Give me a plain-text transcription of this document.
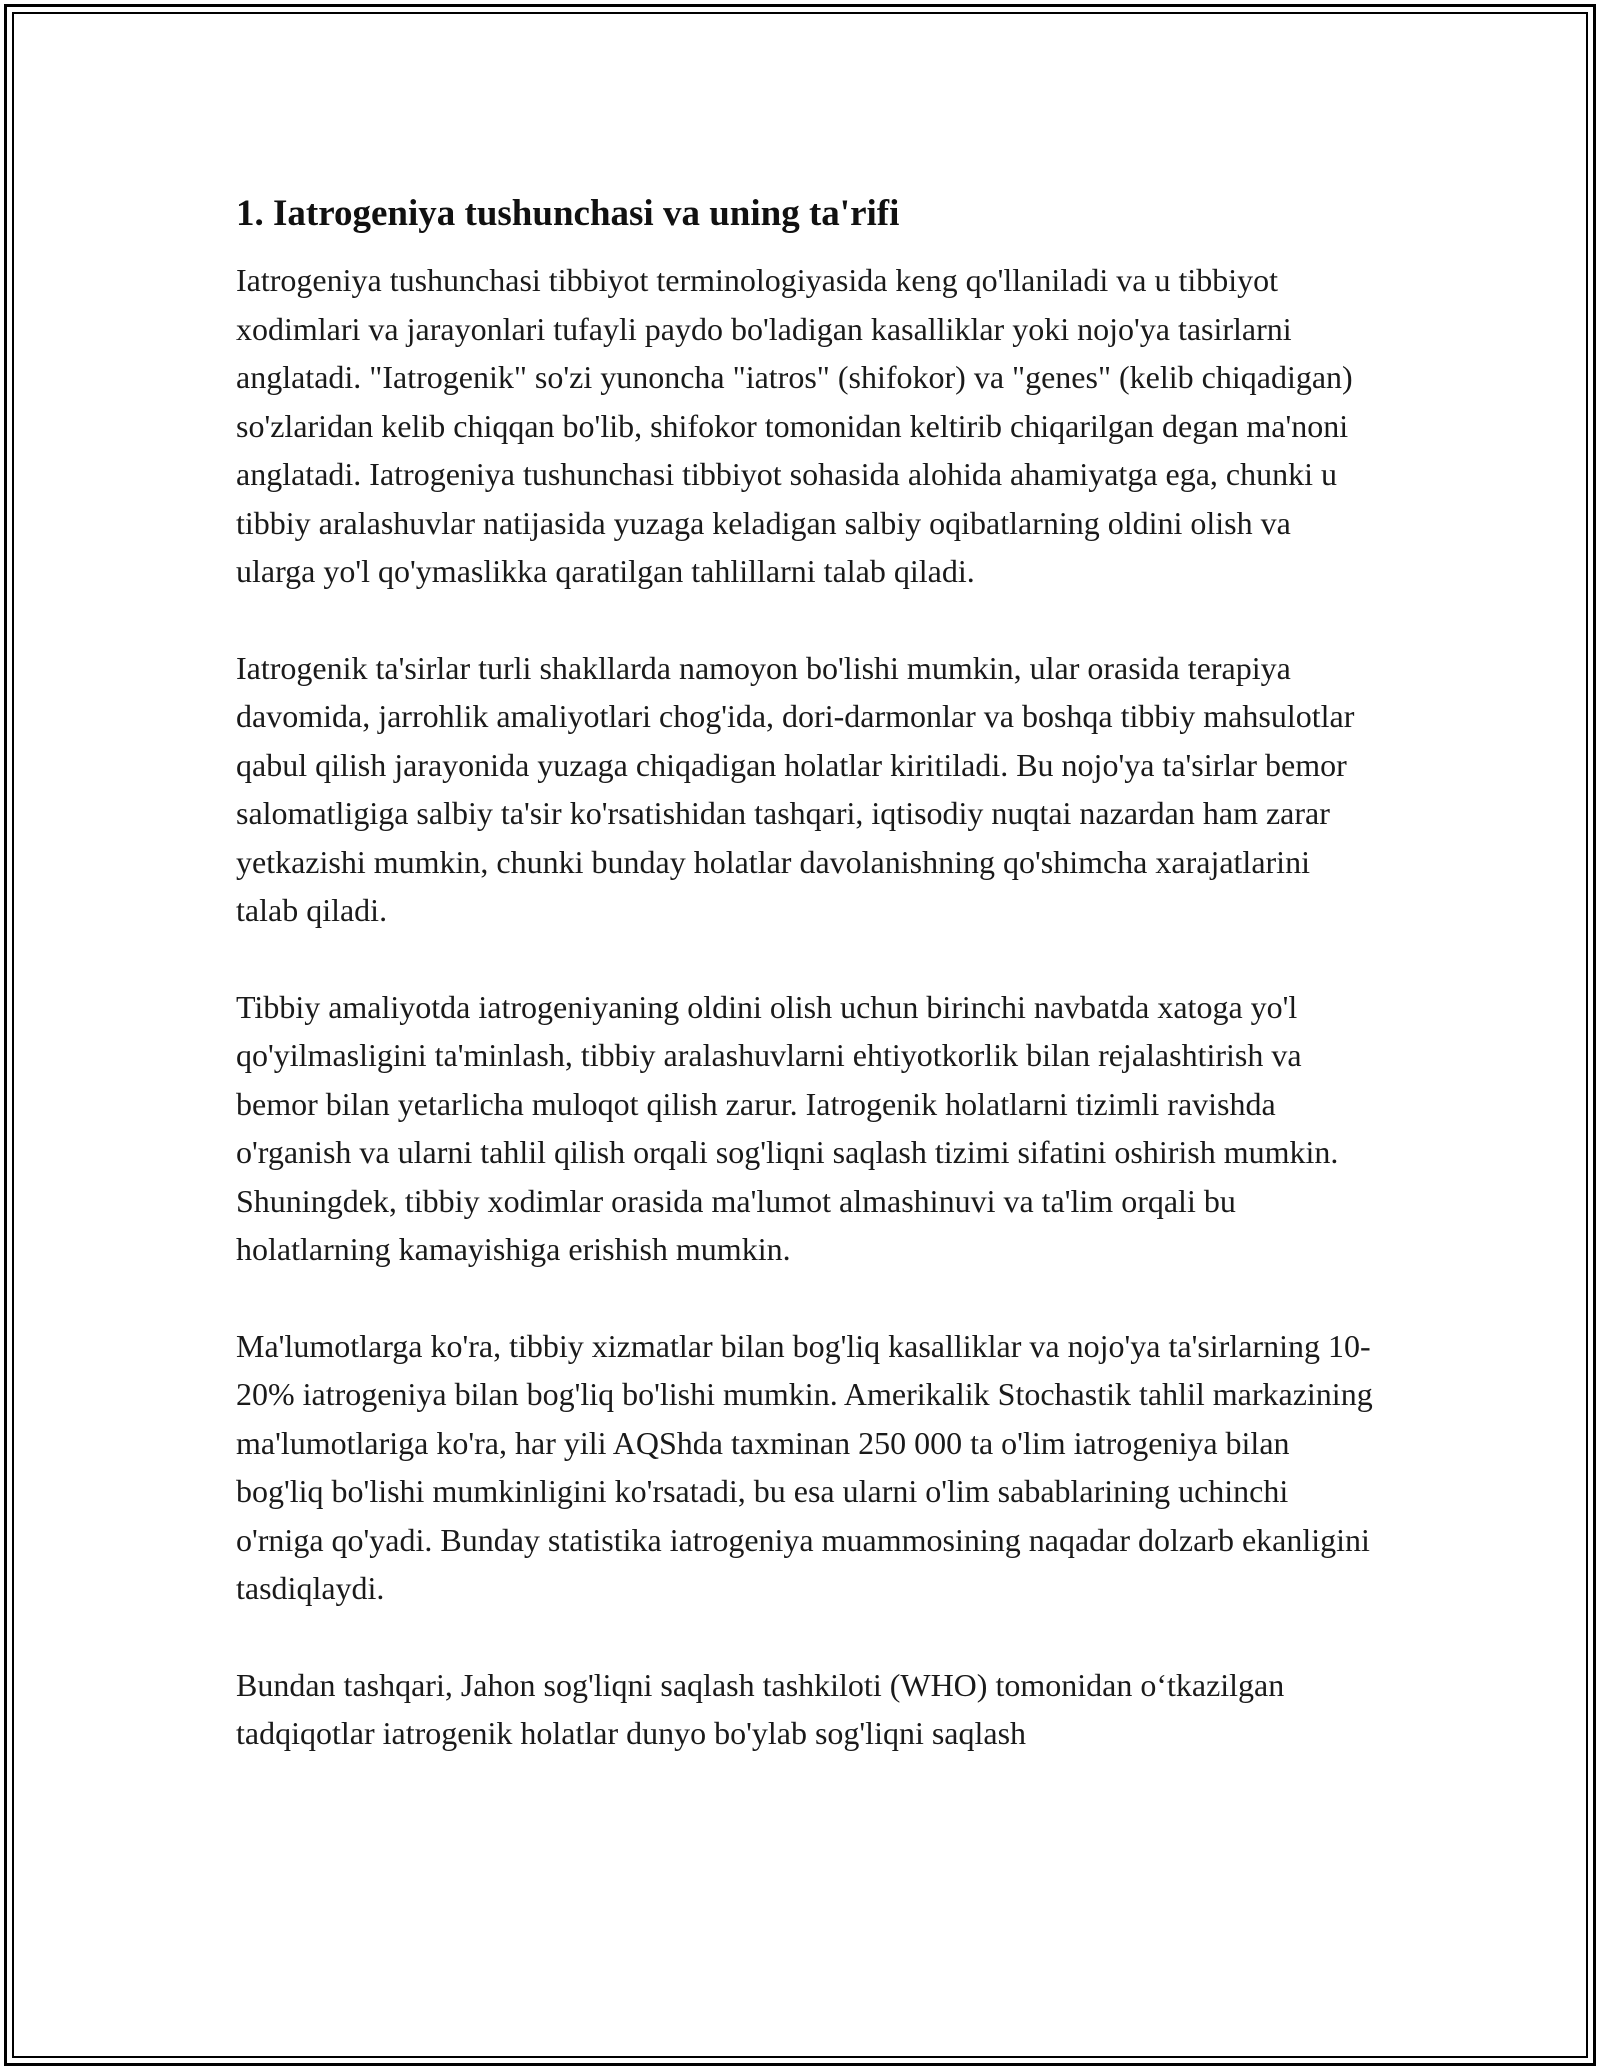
1. Iatrogeniya tushunchasi va uning ta'rifi

Iatrogeniya tushunchasi tibbiyot terminologiyasida keng qo'llaniladi va u tibbiyot xodimlari va jarayonlari tufayli paydo bo'ladigan kasalliklar yoki nojo'ya tasirlarni anglatadi. "Iatrogenik" so'zi yunoncha "iatros" (shifokor) va "genes" (kelib chiqadigan) so'zlaridan kelib chiqqan bo'lib, shifokor tomonidan keltirib chiqarilgan degan ma'noni anglatadi. Iatrogeniya tushunchasi tibbiyot sohasida alohida ahamiyatga ega, chunki u tibbiy aralashuvlar natijasida yuzaga keladigan salbiy oqibatlarning oldini olish va ularga yo'l qo'ymaslikka qaratilgan tahlillarni talab qiladi.

Iatrogenik ta'sirlar turli shakllarda namoyon bo'lishi mumkin, ular orasida terapiya davomida, jarrohlik amaliyotlari chog'ida, dori-darmonlar va boshqa tibbiy mahsulotlar qabul qilish jarayonida yuzaga chiqadigan holatlar kiritiladi. Bu nojo'ya ta'sirlar bemor salomatligiga salbiy ta'sir ko'rsatishidan tashqari, iqtisodiy nuqtai nazardan ham zarar yetkazishi mumkin, chunki bunday holatlar davolanishning qo'shimcha xarajatlarini talab qiladi.

Tibbiy amaliyotda iatrogeniyaning oldini olish uchun birinchi navbatda xatoga yo'l qo'yilmasligini ta'minlash, tibbiy aralashuvlarni ehtiyotkorlik bilan rejalashtirish va bemor bilan yetarlicha muloqot qilish zarur. Iatrogenik holatlarni tizimli ravishda o'rganish va ularni tahlil qilish orqali sog'liqni saqlash tizimi sifatini oshirish mumkin. Shuningdek, tibbiy xodimlar orasida ma'lumot almashinuvi va ta'lim orqali bu holatlarning kamayishiga erishish mumkin.

Ma'lumotlarga ko'ra, tibbiy xizmatlar bilan bog'liq kasalliklar va nojo'ya ta'sirlarning 10-20% iatrogeniya bilan bog'liq bo'lishi mumkin. Amerikalik Stochastik tahlil markazining ma'lumotlariga ko'ra, har yili AQShda taxminan 250 000 ta o'lim iatrogeniya bilan bog'liq bo'lishi mumkinligini ko'rsatadi, bu esa ularni o'lim sabablarining uchinchi o'rniga qo'yadi. Bunday statistika iatrogeniya muammosining naqadar dolzarb ekanligini tasdiqlaydi.

Bundan tashqari, Jahon sog'liqni saqlash tashkiloti (WHO) tomonidan o‘tkazilgan tadqiqotlar iatrogenik holatlar dunyo bo'ylab sog'liqni saqlash
